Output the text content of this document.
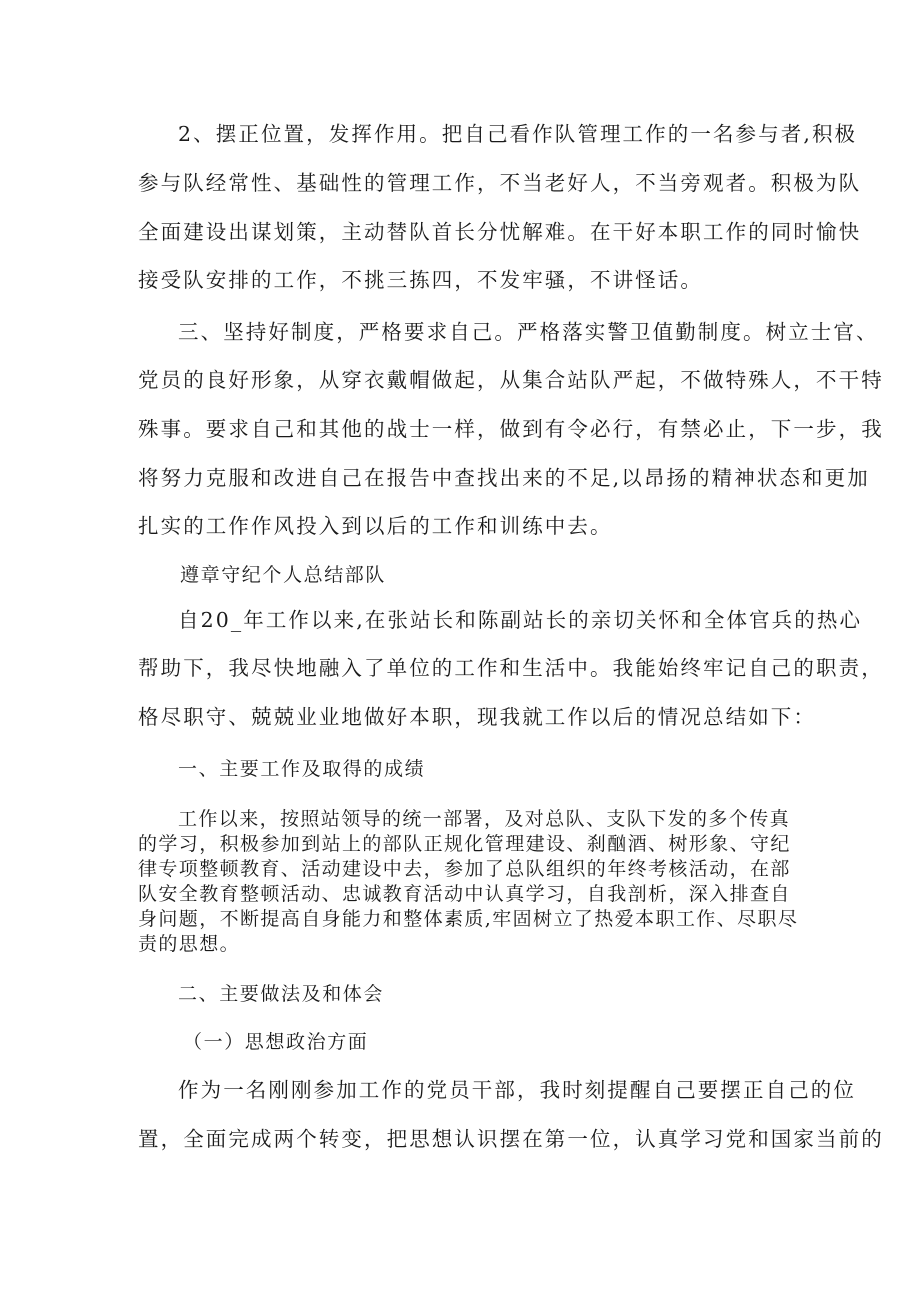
2、摆正位置，发挥作用。把自己看作队管理工作的一名参与者,积极
参与队经常性、基础性的管理工作，不当老好人，不当旁观者。积极为队
全面建设出谋划策，主动替队首长分忧解难。在干好本职工作的同时愉快
接受队安排的工作，不挑三拣四，不发牢骚，不讲怪话。
三、坚持好制度，严格要求自己。严格落实警卫值勤制度。树立士官、
党员的良好形象，从穿衣戴帽做起，从集合站队严起，不做特殊人，不干特
殊事。要求自己和其他的战士一样，做到有令必行，有禁必止，下一步，我
将努力克服和改进自己在报告中查找出来的不足,以昂扬的精神状态和更加
扎实的工作作风投入到以后的工作和训练中去。
遵章守纪个人总结部队
自20_年工作以来,在张站长和陈副站长的亲切关怀和全体官兵的热心
帮助下，我尽快地融入了单位的工作和生活中。我能始终牢记自己的职责，
格尽职守、兢兢业业地做好本职，现我就工作以后的情况总结如下：
一、主要工作及取得的成绩
工作以来，按照站领导的统一部署，及对总队、支队下发的多个传真
的学习，积极参加到站上的部队正规化管理建设、刹酗酒、树形象、守纪
律专项整顿教育、活动建设中去，参加了总队组织的年终考核活动，在部
队安全教育整顿活动、忠诚教育活动中认真学习，自我剖析，深入排查自
身问题，不断提高自身能力和整体素质,牢固树立了热爱本职工作、尽职尽
责的思想。
二、主要做法及和体会
（一）思想政治方面
作为一名刚刚参加工作的党员干部，我时刻提醒自己要摆正自己的位
置，全面完成两个转变，把思想认识摆在第一位，认真学习党和国家当前的
